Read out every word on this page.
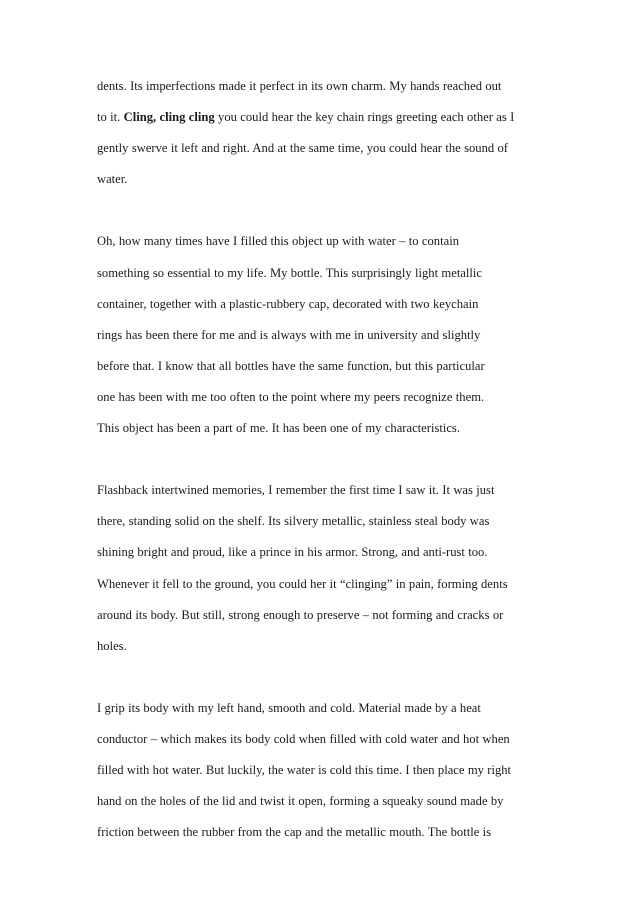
dents. Its imperfections made it perfect in its own charm. My hands reached out
to it. Cling, cling cling you could hear the key chain rings greeting each other as I
gently swerve it left and right. And at the same time, you could hear the sound of
water.
Oh, how many times have I filled this object up with water – to contain
something so essential to my life. My bottle. This surprisingly light metallic
container, together with a plastic-rubbery cap, decorated with two keychain
rings has been there for me and is always with me in university and slightly
before that. I know that all bottles have the same function, but this particular
one has been with me too often to the point where my peers recognize them.
This object has been a part of me. It has been one of my characteristics.
Flashback intertwined memories, I remember the first time I saw it. It was just
there, standing solid on the shelf. Its silvery metallic, stainless steal body was
shining bright and proud, like a prince in his armor. Strong, and anti-rust too.
Whenever it fell to the ground, you could her it “clinging” in pain, forming dents
around its body. But still, strong enough to preserve – not forming and cracks or
holes.
I grip its body with my left hand, smooth and cold. Material made by a heat
conductor – which makes its body cold when filled with cold water and hot when
filled with hot water. But luckily, the water is cold this time. I then place my right
hand on the holes of the lid and twist it open, forming a squeaky sound made by
friction between the rubber from the cap and the metallic mouth. The bottle is
